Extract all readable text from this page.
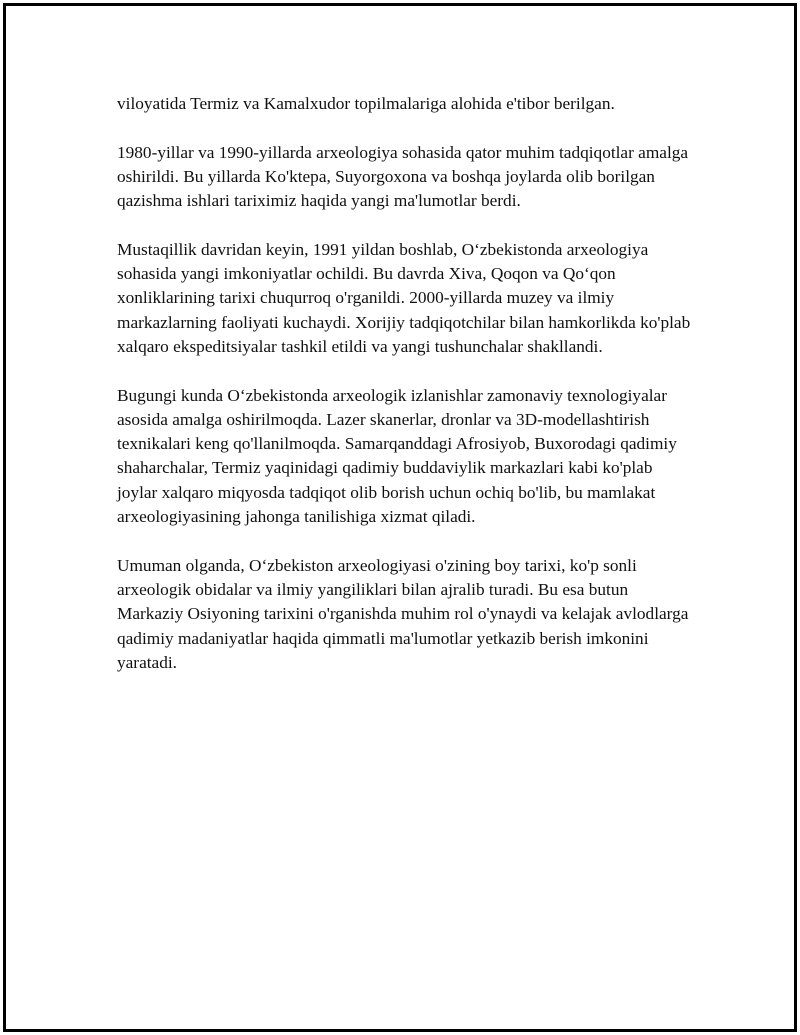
viloyatida Termiz va Kamalxudor topilmalariga alohida e'tibor berilgan.

1980-yillar va 1990-yillarda arxeologiya sohasida qator muhim tadqiqotlar amalga oshirildi. Bu yillarda Ko'ktepa, Suyorgoxona va boshqa joylarda olib borilgan qazishma ishlari tariximiz haqida yangi ma'lumotlar berdi.

Mustaqillik davridan keyin, 1991 yildan boshlab, O‘zbekistonda arxeologiya sohasida yangi imkoniyatlar ochildi. Bu davrda Xiva, Qoqon va Qo‘qon xonliklarining tarixi chuqurroq o'rganildi. 2000-yillarda muzey va ilmiy markazlarning faoliyati kuchaydi. Xorijiy tadqiqotchilar bilan hamkorlikda ko'plab xalqaro ekspeditsiyalar tashkil etildi va yangi tushunchalar shakllandi.

Bugungi kunda O‘zbekistonda arxeologik izlanishlar zamonaviy texnologiyalar asosida amalga oshirilmoqda. Lazer skanerlar, dronlar va 3D-modellashtirish texnikalari keng qo'llanilmoqda. Samarqanddagi Afrosiyob, Buxorodagi qadimiy shaharchalar, Termiz yaqinidagi qadimiy buddaviylik markazlari kabi ko'plab joylar xalqaro miqyosda tadqiqot olib borish uchun ochiq bo'lib, bu mamlakat arxeologiyasining jahonga tanilishiga xizmat qiladi.

Umuman olganda, O‘zbekiston arxeologiyasi o'zining boy tarixi, ko'p sonli arxeologik obidalar va ilmiy yangiliklari bilan ajralib turadi. Bu esa butun Markaziy Osiyoning tarixini o'rganishda muhim rol o'ynaydi va kelajak avlodlarga qadimiy madaniyatlar haqida qimmatli ma'lumotlar yetkazib berish imkonini yaratadi.
